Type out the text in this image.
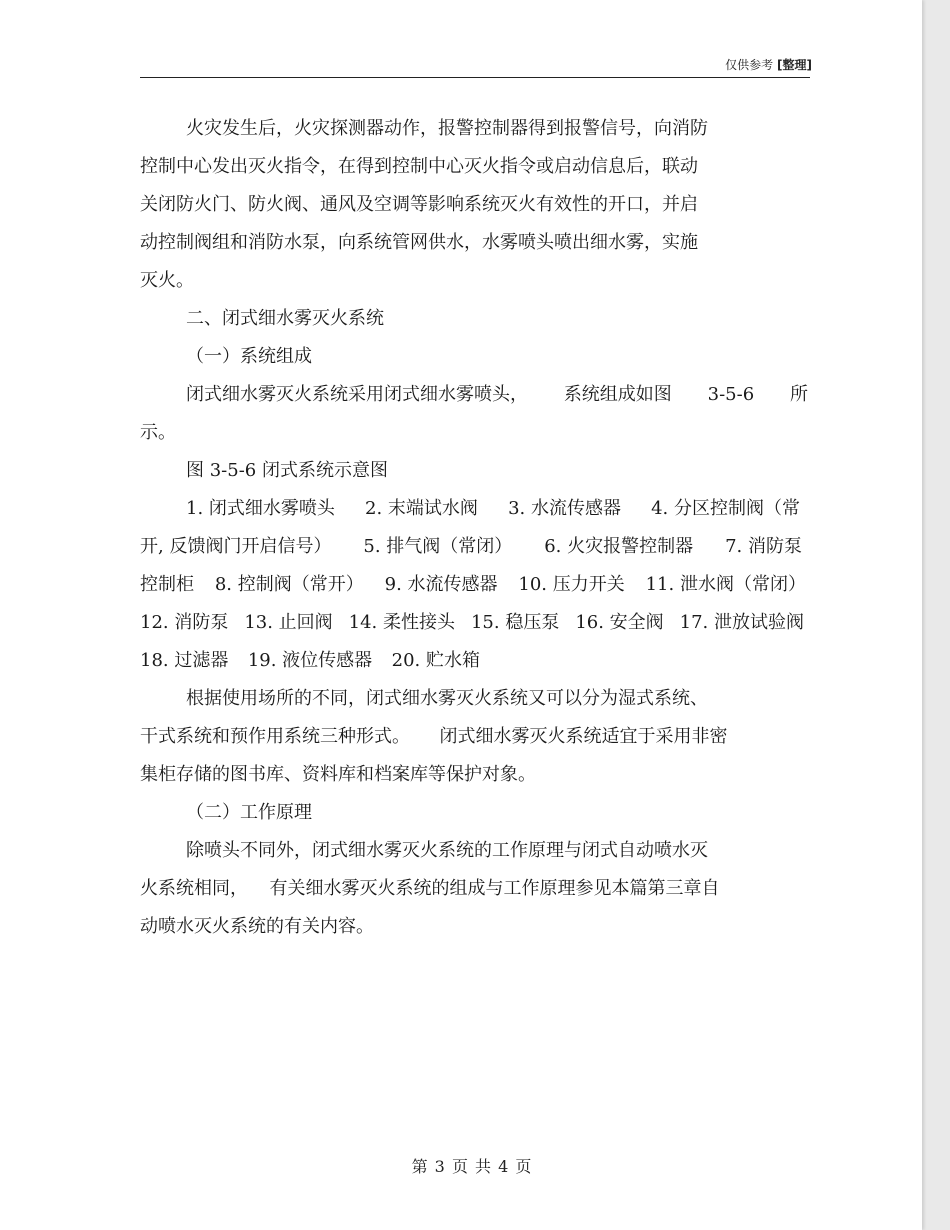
仅供参考 [整理]
火灾发生后，火灾探测器动作，报警控制器得到报警信号，向消防
控制中心发出灭火指令，在得到控制中心灭火指令或启动信息后，联动
关闭防火门、防火阀、通风及空调等影响系统灭火有效性的开口，并启
动控制阀组和消防水泵，向系统管网供水，水雾喷头喷出细水雾，实施
灭火。
二、闭式细水雾灭火系统
（一）系统组成
闭式细水雾灭火系统采用闭式细水雾喷头， 系统组成如图 3-5-6 所
示。
图 3-5-6 闭式系统示意图
1. 闭式细水雾喷头 2. 末端试水阀 3. 水流传感器 4. 分区控制阀（常
开, 反馈阀门开启信号） 5. 排气阀（常闭） 6. 火灾报警控制器 7. 消防泵
控制柜 8. 控制阀（常开） 9. 水流传感器 10. 压力开关 11. 泄水阀（常闭）
12. 消防泵 13. 止回阀 14. 柔性接头 15. 稳压泵 16. 安全阀 17. 泄放试验阀
18. 过滤器 19. 液位传感器 20. 贮水箱
根据使用场所的不同，闭式细水雾灭火系统又可以分为湿式系统、
干式系统和预作用系统三种形式。 闭式细水雾灭火系统适宜于采用非密
集柜存储的图书库、资料库和档案库等保护对象。
（二）工作原理
除喷头不同外，闭式细水雾灭火系统的工作原理与闭式自动喷水灭
火系统相同， 有关细水雾灭火系统的组成与工作原理参见本篇第三章自
动喷水灭火系统的有关内容。
第 3 页 共 4 页
